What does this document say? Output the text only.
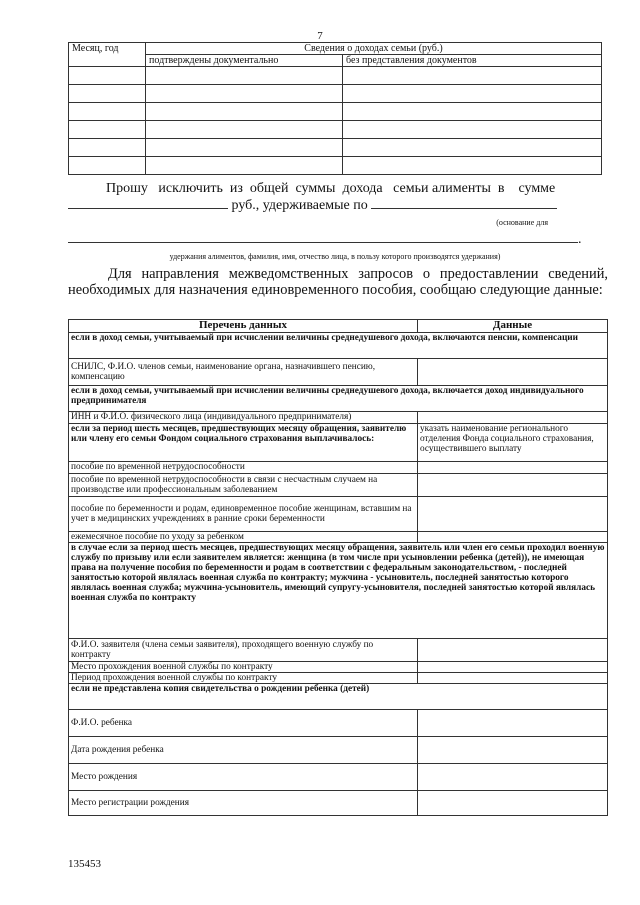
7
Месяц, год	Сведения о доходах семьи (руб.)	
	подтверждены документально	без представления документов

Прошу   исключить  из  общей  суммы  дохода   семьи алименты  в    сумме
руб., удерживаемые по
(основание для
.
удержания алиментов, фамилия, имя, отчество лица, в пользу которого производятся удержания)
Для направления межведомственных запросов о предоставлении сведений, необходимых для назначения единовременного пособия, сообщаю следующие данные:
Перечень данных	Данные
если в доход семьи, учитываемый при исчислении величины среднедушевого дохода, включаются пенсии, компенсации	
СНИЛС, Ф.И.О. членов семьи, наименование органа, назначившего пенсию, компенсацию	
если в доход семьи, учитываемый при исчислении величины среднедушевого дохода, включается доход индивидуального предпринимателя	
ИНН и Ф.И.О. физического лица (индивидуального предпринимателя)	
если за период шесть месяцев, предшествующих месяцу обращения, заявителю или члену его семьи Фондом социального страхования выплачивалось:	указать наименование регионального отделения Фонда социального страхования, осуществившего выплату
пособие по временной нетрудоспособности	
пособие по временной нетрудоспособности в связи с несчастным случаем на производстве или профессиональным заболеванием	
пособие по беременности и родам, единовременное пособие женщинам, вставшим на учет в медицинских учреждениях в ранние сроки беременности	
ежемесячное пособие по уходу за ребенком	
в случае если за период шесть месяцев, предшествующих месяцу обращения, заявитель или член его семьи проходил военную службу по призыву или если заявителем является: женщина (в том числе при усыновлении ребенка (детей)), не имеющая права на получение пособия по беременности и родам в соответствии с федеральным законодательством, - последней занятостью которой являлась военная служба по контракту; мужчина - усыновитель, последней занятостью которого являлась военная служба; мужчина-усыновитель, имеющий супругу-усыновителя, последней занятостью которой являлась военная служба по контракту	
Ф.И.О. заявителя (члена семьи заявителя), проходящего военную службу по контракту	
Место прохождения военной службы по контракту	
Период прохождения военной службы по контракту	
если не представлена копия свидетельства о рождении ребенка (детей)	
Ф.И.О. ребенка	
Дата рождения ребенка	
Место рождения	
Место регистрации рождения	
135453
